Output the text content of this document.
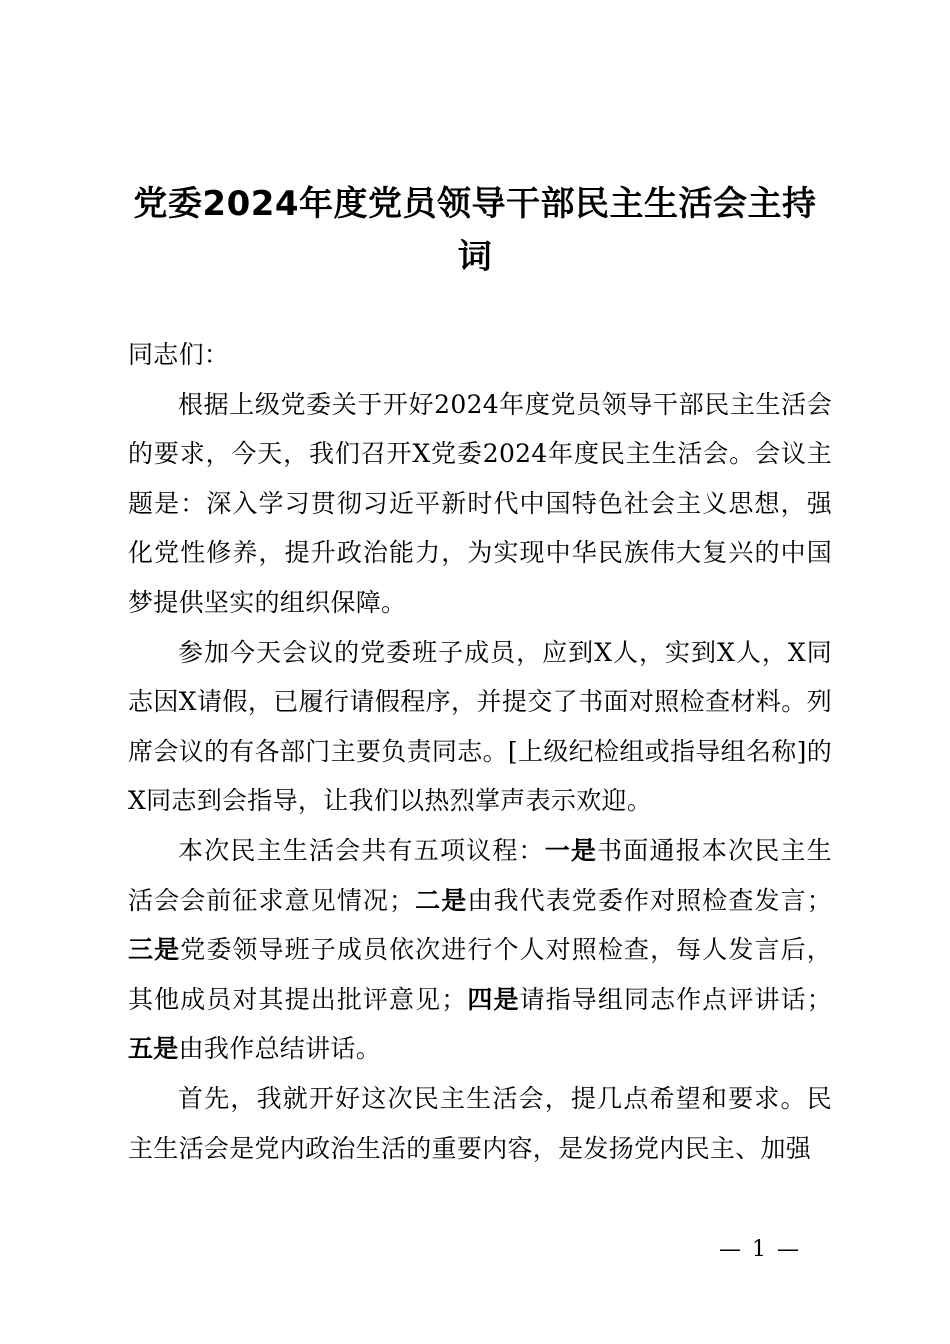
党委2024年度党员领导干部民主生活会主持
词

同志们：

根据上级党委关于开好2024年度党员领导干部民主生活会的要求，今天，我们召开X党委2024年度民主生活会。会议主题是：深入学习贯彻习近平新时代中国特色社会主义思想，强化党性修养，提升政治能力，为实现中华民族伟大复兴的中国梦提供坚实的组织保障。

参加今天会议的党委班子成员，应到X人，实到X人，X同志因X请假，已履行请假程序，并提交了书面对照检查材料。列席会议的有各部门主要负责同志。[上级纪检组或指导组名称]的X同志到会指导，让我们以热烈掌声表示欢迎。

本次民主生活会共有五项议程：一是书面通报本次民主生活会会前征求意见情况；二是由我代表党委作对照检查发言；三是党委领导班子成员依次进行个人对照检查，每人发言后，其他成员对其提出批评意见；四是请指导组同志作点评讲话；五是由我作总结讲话。

首先，我就开好这次民主生活会，提几点希望和要求。民主生活会是党内政治生活的重要内容，是发扬党内民主、加强

— 1 —
